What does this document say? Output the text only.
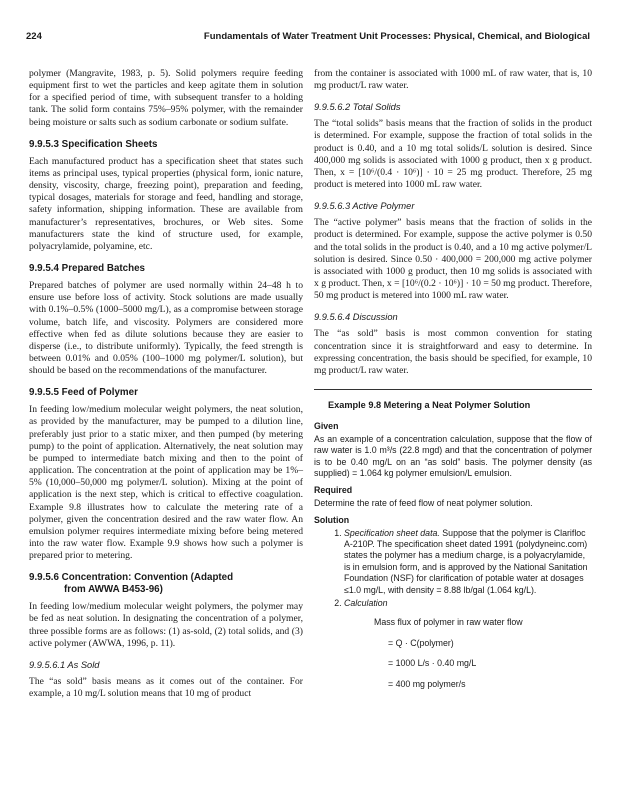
224	Fundamentals of Water Treatment Unit Processes: Physical, Chemical, and Biological

polymer (Mangravite, 1983, p. 5). Solid polymers require feeding equipment first to wet the particles and keep agitate them in solution for a specified period of time, with subsequent transfer to a holding tank. The solid form contains 75%–95% polymer, with the remainder being moisture or salts such as sodium carbonate or sodium sulfate.

9.9.5.3 Specification Sheets

Each manufactured product has a specification sheet that states such items as principal uses, typical properties (physical form, ionic nature, density, viscosity, charge, freezing point), preparation and feeding, typical dosages, materials for storage and feed, handling and storage, safety information, shipping information. These are available from manufacturer’s representatives, brochures, or Web sites. Some manufacturers state the kind of structure used, for example, polyacrylamide, polyamine, etc.

9.9.5.4 Prepared Batches

Prepared batches of polymer are used normally within 24–48 h to ensure use before loss of activity. Stock solutions are made usually with 0.1%–0.5% (1000–5000 mg/L), as a compromise between storage volume, batch life, and viscosity. Polymers are considered more effective when fed as dilute solutions because they are easier to disperse (i.e., to distribute uniformly). Typically, the feed strength is between 0.01% and 0.05% (100–1000 mg polymer/L solution), but should be based on the recommendations of the manufacturer.

9.9.5.5 Feed of Polymer

In feeding low/medium molecular weight polymers, the neat solution, as provided by the manufacturer, may be pumped to a dilution line, preferably just prior to a static mixer, and then pumped (by metering pump) to the point of application. Alternatively, the neat solution may be pumped to intermediate batch mixing and then to the point of application. The concentration at the point of application may be 1%–5% (10,000–50,000 mg polymer/L solution). Mixing at the point of application is the next step, which is critical to effective coagulation. Example 9.8 illustrates how to calculate the metering rate of a polymer, given the concentration desired and the raw water flow. An emulsion polymer requires intermediate mixing before being metered into the raw water flow. Example 9.9 shows how such a polymer is prepared prior to metering.

9.9.5.6 Concentration: Convention (Adapted
from AWWA B453-96)

In feeding low/medium molecular weight polymers, the polymer may be fed as neat solution. In designating the concentration of a polymer, three possible forms are as follows: (1) as-sold, (2) total solids, and (3) active polymer (AWWA, 1996, p. 11).

9.9.5.6.1 As Sold

The “as sold” basis means as it comes out of the container. For example, a 10 mg/L solution means that 10 mg of product

from the container is associated with 1000 mL of raw water, that is, 10 mg product/L raw water.

9.9.5.6.2 Total Solids

The “total solids” basis means that the fraction of solids in the product is determined. For example, suppose the fraction of total solids in the product is 0.40, and a 10 mg total solids/L solution is desired. Since 400,000 mg solids is associated with 1000 g product, then x g product. Then, x = [10⁶/(0.4 · 10⁶)] · 10 = 25 mg product. Therefore, 25 mg product is metered into 1000 mL raw water.

9.9.5.6.3 Active Polymer

The “active polymer” basis means that the fraction of solids in the product is determined. For example, suppose the active polymer is 0.50 and the total solids in the product is 0.40, and a 10 mg active polymer/L solution is desired. Since 0.50 · 400,000 = 200,000 mg active polymer is associated with 1000 g product, then 10 mg solids is associated with x g product. Then, x = [10⁶/(0.2 · 10⁶)] · 10 = 50 mg product. Therefore, 50 mg product is metered into 1000 mL raw water.

9.9.5.6.4 Discussion

The “as sold” basis is most common convention for stating concentration since it is straightforward and easy to determine. In expressing concentration, the basis should be specified, for example, 10 mg product/L raw water.

Example 9.8 Metering a Neat Polymer Solution
Given

As an example of a concentration calculation, suppose that the flow of raw water is 1.0 m³/s (22.8 mgd) and that the concentration of polymer is to be 0.40 mg/L on an “as sold” basis. The polymer density (as supplied) = 1.064 kg polymer emulsion/L emulsion.

Required

Determine the rate of feed flow of neat polymer solution.

Solution
1. Specification sheet data. Suppose that the polymer is Clarifloc A-210P. The specification sheet dated 1991 (polydyneinc.com) states the polymer has a medium charge, is a polyacrylamide, is in emulsion form, and is approved by the National Sanitation Foundation (NSF) for clarification of potable water at dosages ≤1.0 mg/L, with density = 8.88 lb/gal (1.064 kg/L).
2. Calculation
Mass flux of polymer in raw water flow
= Q · C(polymer)
= 1000 L/s · 0.40 mg/L
= 400 mg polymer/s
